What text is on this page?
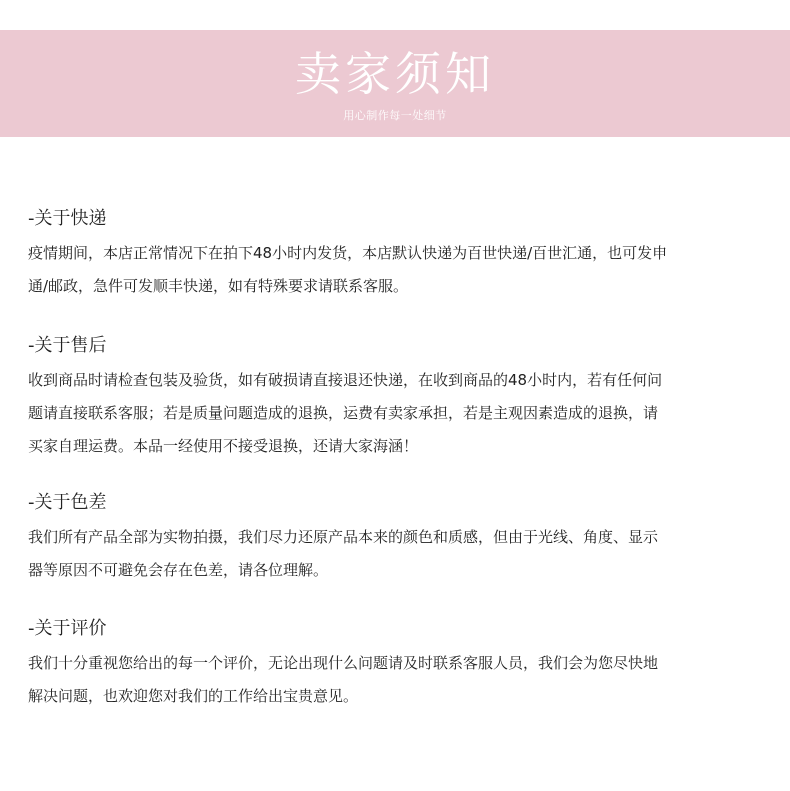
卖家须知
用心制作每一处细节
-关于快递
疫情期间，本店正常情况下在拍下48小时内发货，本店默认快递为百世快递/百世汇通，也可发申
通/邮政，急件可发顺丰快递，如有特殊要求请联系客服。
-关于售后
收到商品时请检查包装及验货，如有破损请直接退还快递，在收到商品的48小时内，若有任何问
题请直接联系客服；若是质量问题造成的退换，运费有卖家承担，若是主观因素造成的退换，请
买家自理运费。本品一经使用不接受退换，还请大家海涵！
-关于色差
我们所有产品全部为实物拍摄，我们尽力还原产品本来的颜色和质感，但由于光线、角度、显示
器等原因不可避免会存在色差，请各位理解。
-关于评价
我们十分重视您给出的每一个评价，无论出现什么问题请及时联系客服人员，我们会为您尽快地
解决问题，也欢迎您对我们的工作给出宝贵意见。
